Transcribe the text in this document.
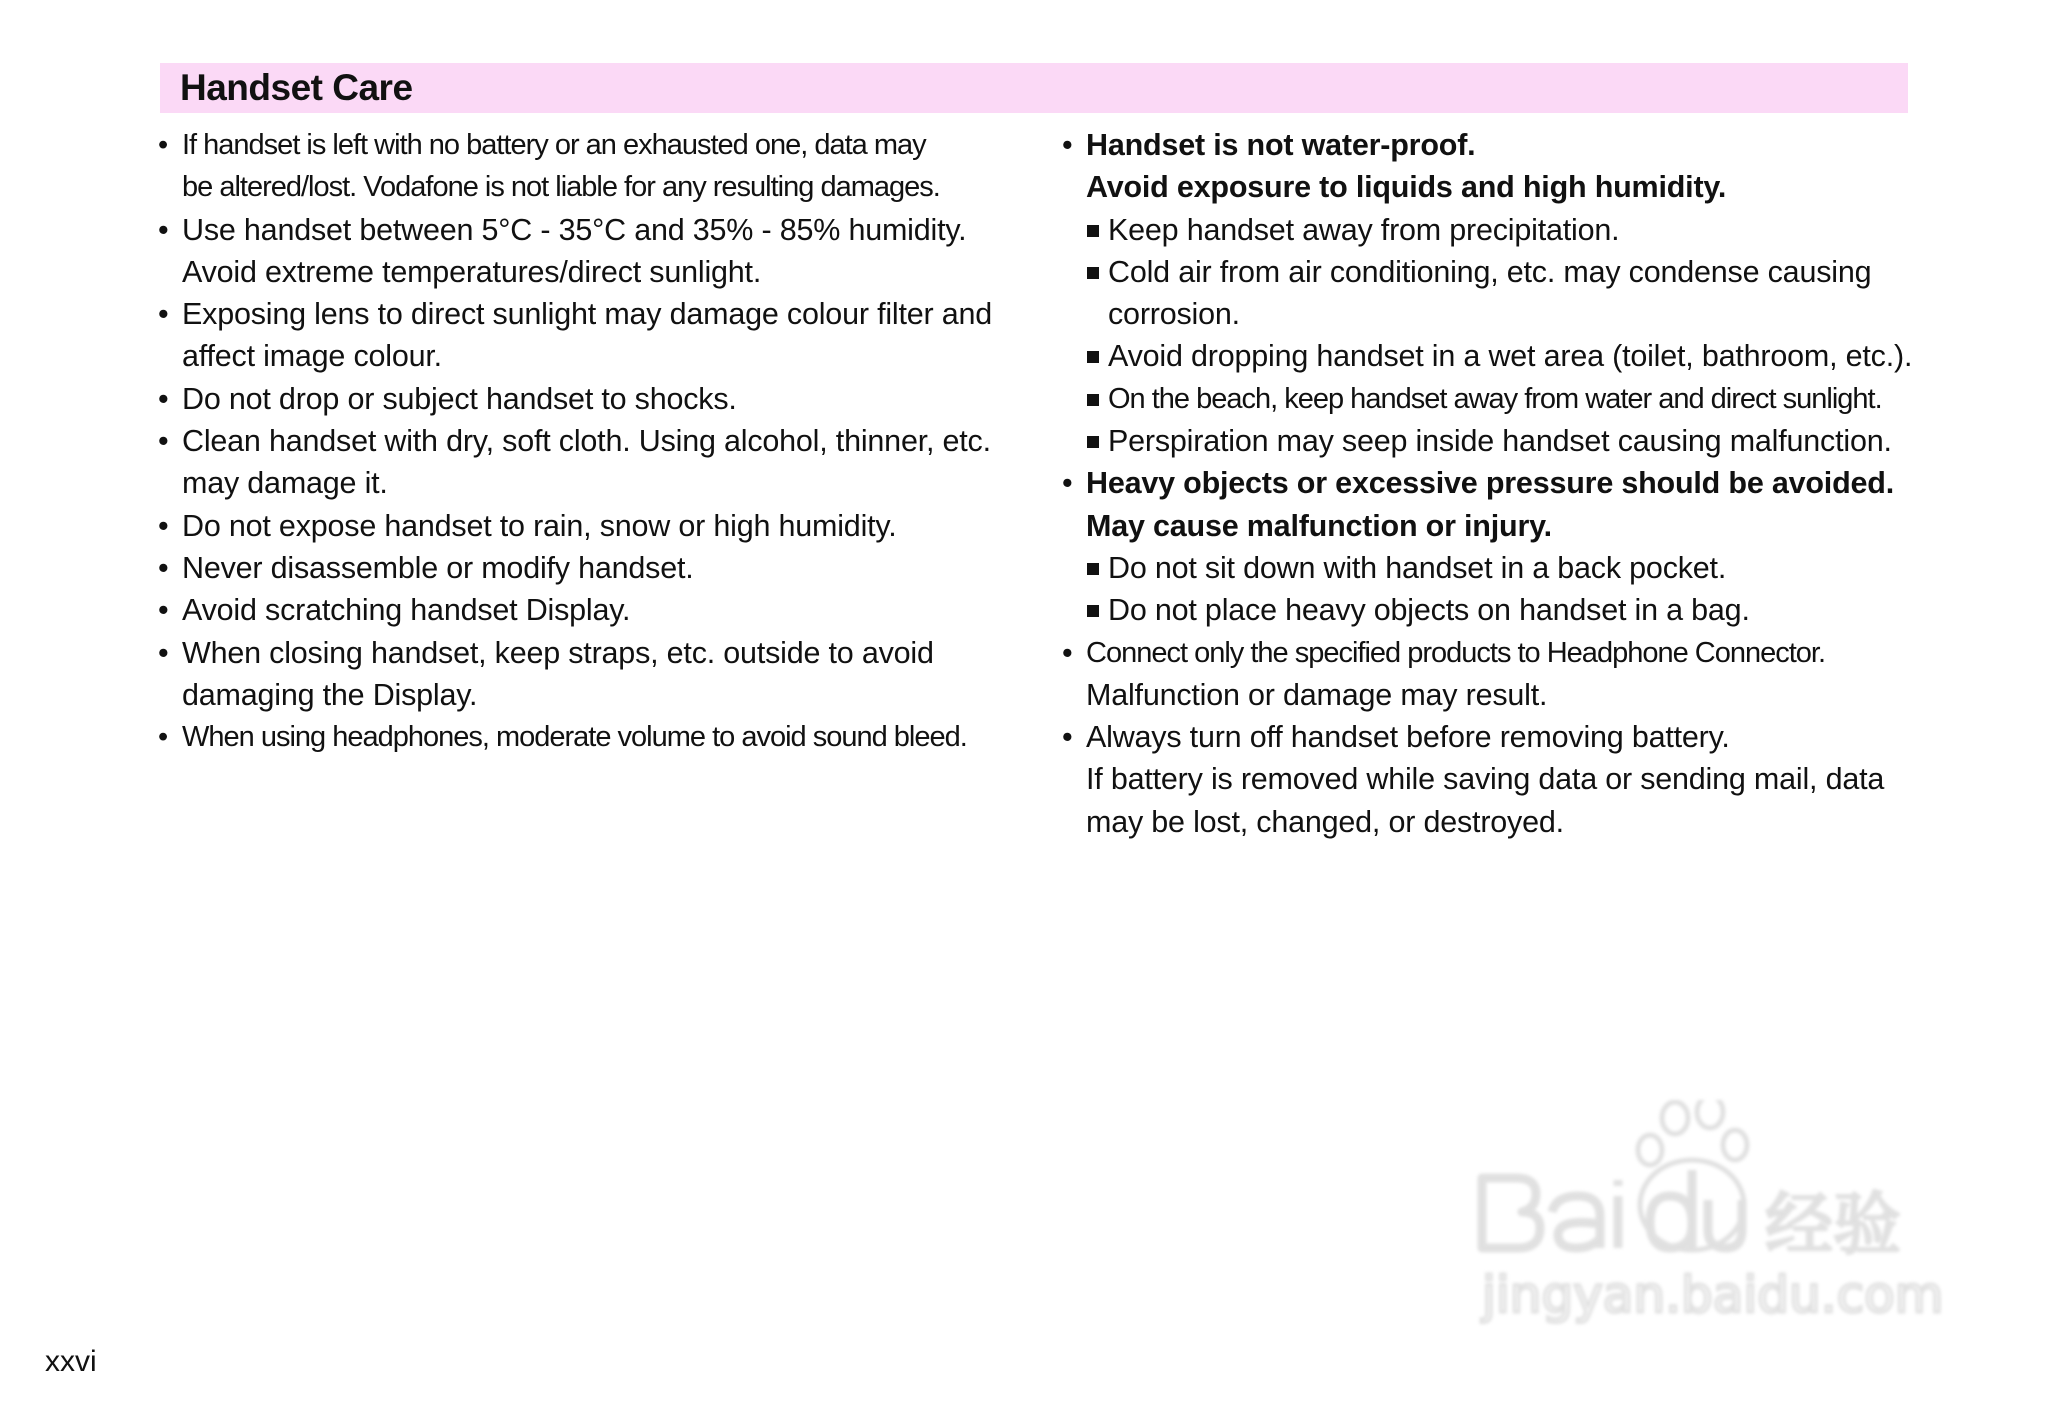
Handset Care
• If handset is left with no battery or an exhausted one, data may
be altered/lost. Vodafone is not liable for any resulting damages.
• Use handset between 5°C - 35°C and 35% - 85% humidity.
Avoid extreme temperatures/direct sunlight.
• Exposing lens to direct sunlight may damage colour filter and
affect image colour.
• Do not drop or subject handset to shocks.
• Clean handset with dry, soft cloth. Using alcohol, thinner, etc.
may damage it.
• Do not expose handset to rain, snow or high humidity.
• Never disassemble or modify handset.
• Avoid scratching handset Display.
• When closing handset, keep straps, etc. outside to avoid
damaging the Display.
• When using headphones, moderate volume to avoid sound bleed.
• Handset is not water-proof.
Avoid exposure to liquids and high humidity.
Keep handset away from precipitation.
Cold air from air conditioning, etc. may condense causing
corrosion.
Avoid dropping handset in a wet area (toilet, bathroom, etc.).
On the beach, keep handset away from water and direct sunlight.
Perspiration may seep inside handset causing malfunction.
• Heavy objects or excessive pressure should be avoided.
May cause malfunction or injury.
Do not sit down with handset in a back pocket.
Do not place heavy objects on handset in a bag.
• Connect only the specified products to Headphone Connector.
Malfunction or damage may result.
• Always turn off handset before removing battery.
If battery is removed while saving data or sending mail, data
may be lost, changed, or destroyed.
xxvi
经验
jingyan.baidu.com
